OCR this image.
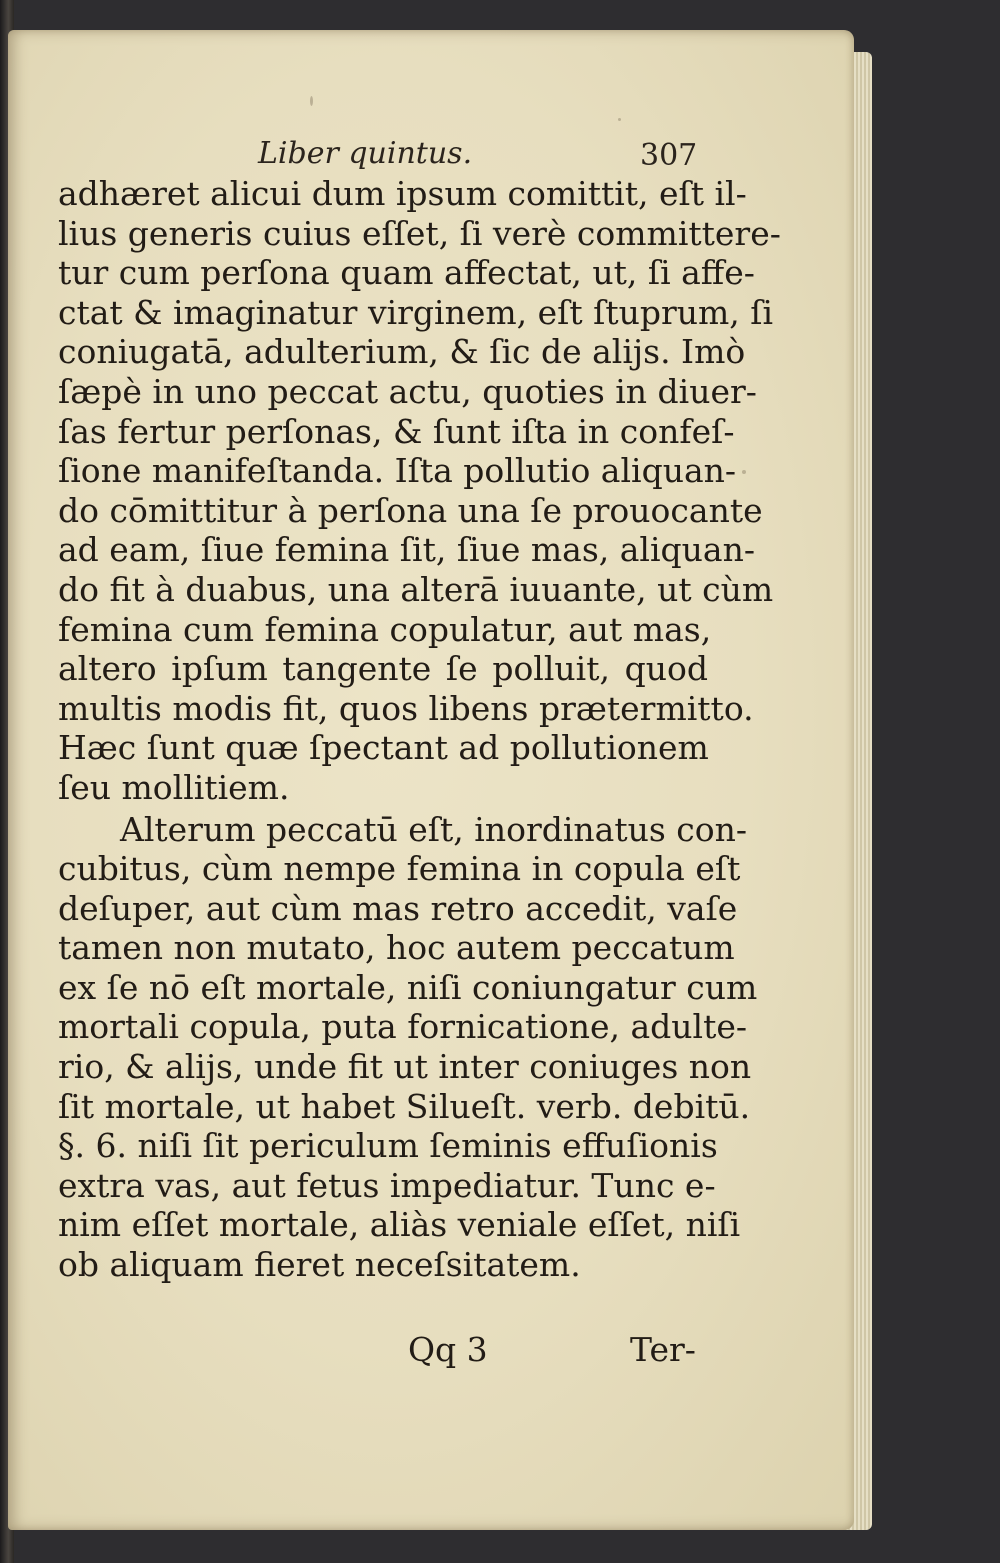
Liber quintus.	307
adhæret alicui dum ipsum comittit, eſt il-
lius generis cuius eſſet, ſi verè committere-
tur cum perſona quam affectat, ut, ſi affe-
ctat & imaginatur virginem, eſt ſtuprum, ſi
coniugatā, adulterium, & ſic de alijs. Imò
ſæpè in uno peccat actu, quoties in diuer-
ſas fertur perſonas, & ſunt iſta in confeſ-
ſione manifeſtanda. Iſta pollutio aliquan-
do cōmittitur à perſona una ſe prouocante
ad eam, ſiue femina ſit, ſiue mas, aliquan-
do fit à duabus, una alterā iuuante, ut cùm
femina cum femina copulatur, aut mas,
altero ipſum tangente ſe polluit, quod
multis modis fit, quos libens prætermitto.
Hæc ſunt quæ ſpectant ad pollutionem
ſeu mollitiem.
Alterum peccatū eſt, inordinatus con-
cubitus, cùm nempe femina in copula eſt
deſuper, aut cùm mas retro accedit, vaſe
tamen non mutato, hoc autem peccatum
ex ſe nō eſt mortale, niſi coniungatur cum
mortali copula, puta fornicatione, adulte-
rio, & alijs, unde fit ut inter coniuges non
ſit mortale, ut habet Silueſt. verb. debitū.
§. 6. niſi ſit periculum ſeminis effuſionis
extra vas, aut fetus impediatur. Tunc e-
nim eſſet mortale, aliàs veniale eſſet, niſi
ob aliquam fieret neceſsitatem.
Qq 3	Ter-
